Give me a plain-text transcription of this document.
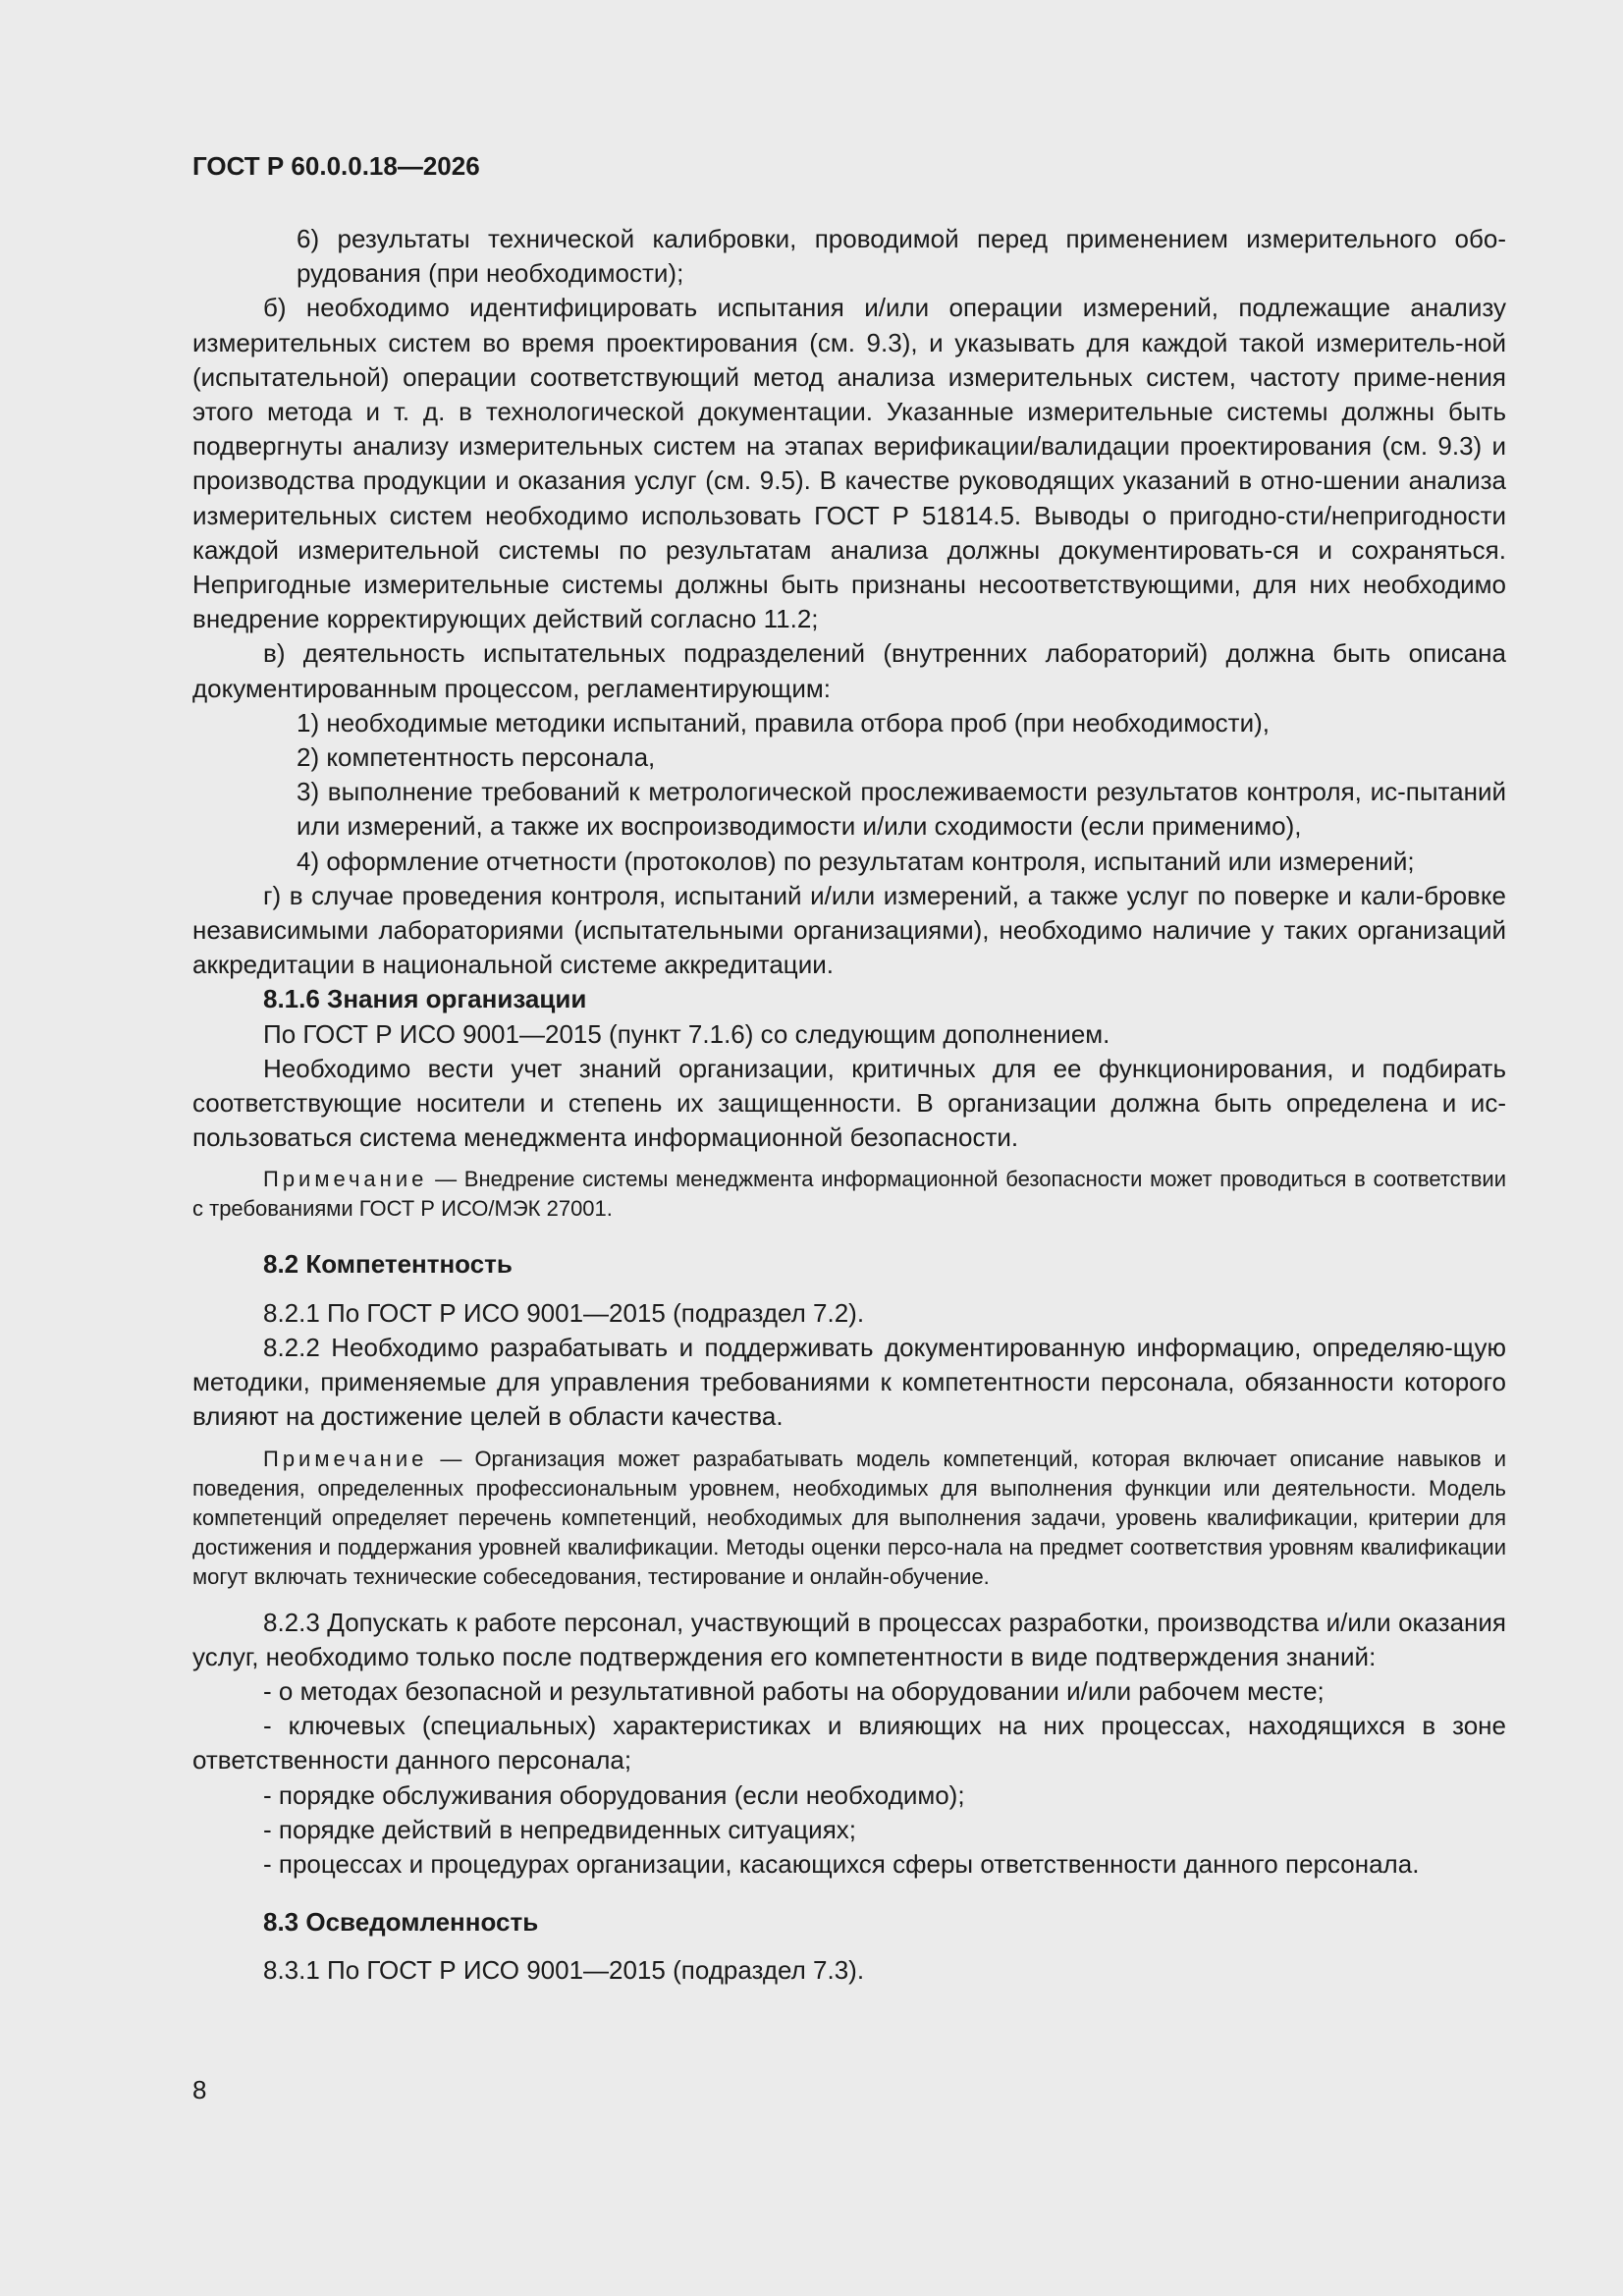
ГОСТ Р 60.0.0.18—2026

6) результаты технической калибровки, проводимой перед применением измерительного обо-рудования (при необходимости);

б) необходимо идентифицировать испытания и/или операции измерений, подлежащие анализу измерительных систем во время проектирования (см. 9.3), и указывать для каждой такой измеритель-ной (испытательной) операции соответствующий метод анализа измерительных систем, частоту приме-нения этого метода и т. д. в технологической документации. Указанные измерительные системы должны быть подвергнуты анализу измерительных систем на этапах верификации/валидации проектирования (см. 9.3) и производства продукции и оказания услуг (см. 9.5). В качестве руководящих указаний в отно-шении анализа измерительных систем необходимо использовать ГОСТ Р 51814.5. Выводы о пригодно-сти/непригодности каждой измерительной системы по результатам анализа должны документировать-ся и сохраняться. Непригодные измерительные системы должны быть признаны несоответствующими, для них необходимо внедрение корректирующих действий согласно 11.2;

в) деятельность испытательных подразделений (внутренних лабораторий) должна быть описана документированным процессом, регламентирующим:

1) необходимые методики испытаний, правила отбора проб (при необходимости),

2) компетентность персонала,

3) выполнение требований к метрологической прослеживаемости результатов контроля, ис-пытаний или измерений, а также их воспроизводимости и/или сходимости (если применимо),

4) оформление отчетности (протоколов) по результатам контроля, испытаний или измерений;

г) в случае проведения контроля, испытаний и/или измерений, а также услуг по поверке и кали-бровке независимыми лабораториями (испытательными организациями), необходимо наличие у таких организаций аккредитации в национальной системе аккредитации.

8.1.6 Знания организации

По ГОСТ Р ИСО 9001—2015 (пункт 7.1.6) со следующим дополнением.

Необходимо вести учет знаний организации, критичных для ее функционирования, и подбирать соответствующие носители и степень их защищенности. В организации должна быть определена и ис-пользоваться система менеджмента информационной безопасности.

Примечание — Внедрение системы менеджмента информационной безопасности может проводиться в соответствии с требованиями ГОСТ Р ИСО/МЭК 27001.

8.2 Компетентность

8.2.1 По ГОСТ Р ИСО 9001—2015 (подраздел 7.2).

8.2.2 Необходимо разрабатывать и поддерживать документированную информацию, определяю-щую методики, применяемые для управления требованиями к компетентности персонала, обязанности которого влияют на достижение целей в области качества.

Примечание — Организация может разрабатывать модель компетенций, которая включает описание навыков и поведения, определенных профессиональным уровнем, необходимых для выполнения функции или деятельности. Модель компетенций определяет перечень компетенций, необходимых для выполнения задачи, уровень квалификации, критерии для достижения и поддержания уровней квалификации. Методы оценки персо-нала на предмет соответствия уровням квалификации могут включать технические собеседования, тестирование и онлайн-обучение.

8.2.3 Допускать к работе персонал, участвующий в процессах разработки, производства и/или оказания услуг, необходимо только после подтверждения его компетентности в виде подтверждения знаний:

- о методах безопасной и результативной работы на оборудовании и/или рабочем месте;

- ключевых (специальных) характеристиках и влияющих на них процессах, находящихся в зоне ответственности данного персонала;

- порядке обслуживания оборудования (если необходимо);

- порядке действий в непредвиденных ситуациях;

- процессах и процедурах организации, касающихся сферы ответственности данного персонала.

8.3 Осведомленность

8.3.1 По ГОСТ Р ИСО 9001—2015 (подраздел 7.3).

8
